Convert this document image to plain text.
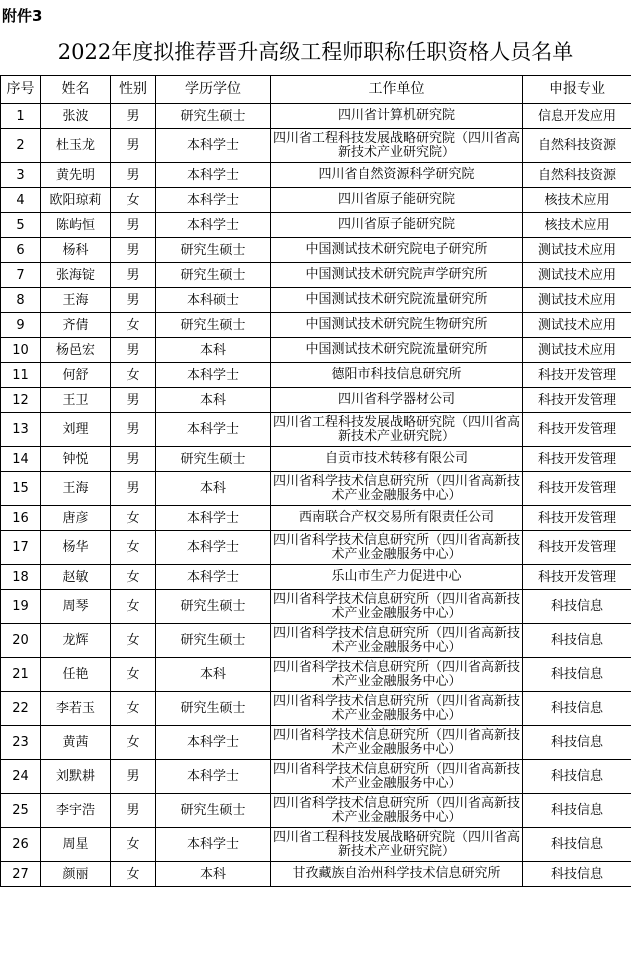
附件3
2022年度拟推荐晋升高级工程师职称任职资格人员名单
序号	姓名	性别	学历学位	工作单位	申报专业
1	张波	男	研究生硕士	四川省计算机研究院	信息开发应用
2	杜玉龙	男	本科学士	四川省工程科技发展战略研究院（四川省高新技术产业研究院）	自然科技资源
3	黄先明	男	本科学士	四川省自然资源科学研究院	自然科技资源
4	欧阳琼莉	女	本科学士	四川省原子能研究院	核技术应用
5	陈屿恒	男	本科学士	四川省原子能研究院	核技术应用
6	杨科	男	研究生硕士	中国测试技术研究院电子研究所	测试技术应用
7	张海锭	男	研究生硕士	中国测试技术研究院声学研究所	测试技术应用
8	王海	男	本科硕士	中国测试技术研究院流量研究所	测试技术应用
9	齐倩	女	研究生硕士	中国测试技术研究院生物研究所	测试技术应用
10	杨邑宏	男	本科	中国测试技术研究院流量研究所	测试技术应用
11	何舒	女	本科学士	德阳市科技信息研究所	科技开发管理
12	王卫	男	本科	四川省科学器材公司	科技开发管理
13	刘理	男	本科学士	四川省工程科技发展战略研究院（四川省高新技术产业研究院）	科技开发管理
14	钟悦	男	研究生硕士	自贡市技术转移有限公司	科技开发管理
15	王海	男	本科	四川省科学技术信息研究所（四川省高新技术产业金融服务中心）	科技开发管理
16	唐彦	女	本科学士	西南联合产权交易所有限责任公司	科技开发管理
17	杨华	女	本科学士	四川省科学技术信息研究所（四川省高新技术产业金融服务中心）	科技开发管理
18	赵敏	女	本科学士	乐山市生产力促进中心	科技开发管理
19	周琴	女	研究生硕士	四川省科学技术信息研究所（四川省高新技术产业金融服务中心）	科技信息
20	龙辉	女	研究生硕士	四川省科学技术信息研究所（四川省高新技术产业金融服务中心）	科技信息
21	任艳	女	本科	四川省科学技术信息研究所（四川省高新技术产业金融服务中心）	科技信息
22	李若玉	女	研究生硕士	四川省科学技术信息研究所（四川省高新技术产业金融服务中心）	科技信息
23	黄茜	女	本科学士	四川省科学技术信息研究所（四川省高新技术产业金融服务中心）	科技信息
24	刘默耕	男	本科学士	四川省科学技术信息研究所（四川省高新技术产业金融服务中心）	科技信息
25	李宇浩	男	研究生硕士	四川省科学技术信息研究所（四川省高新技术产业金融服务中心）	科技信息
26	周星	女	本科学士	四川省工程科技发展战略研究院（四川省高新技术产业研究院）	科技信息
27	颜丽	女	本科	甘孜藏族自治州科学技术信息研究所	科技信息
